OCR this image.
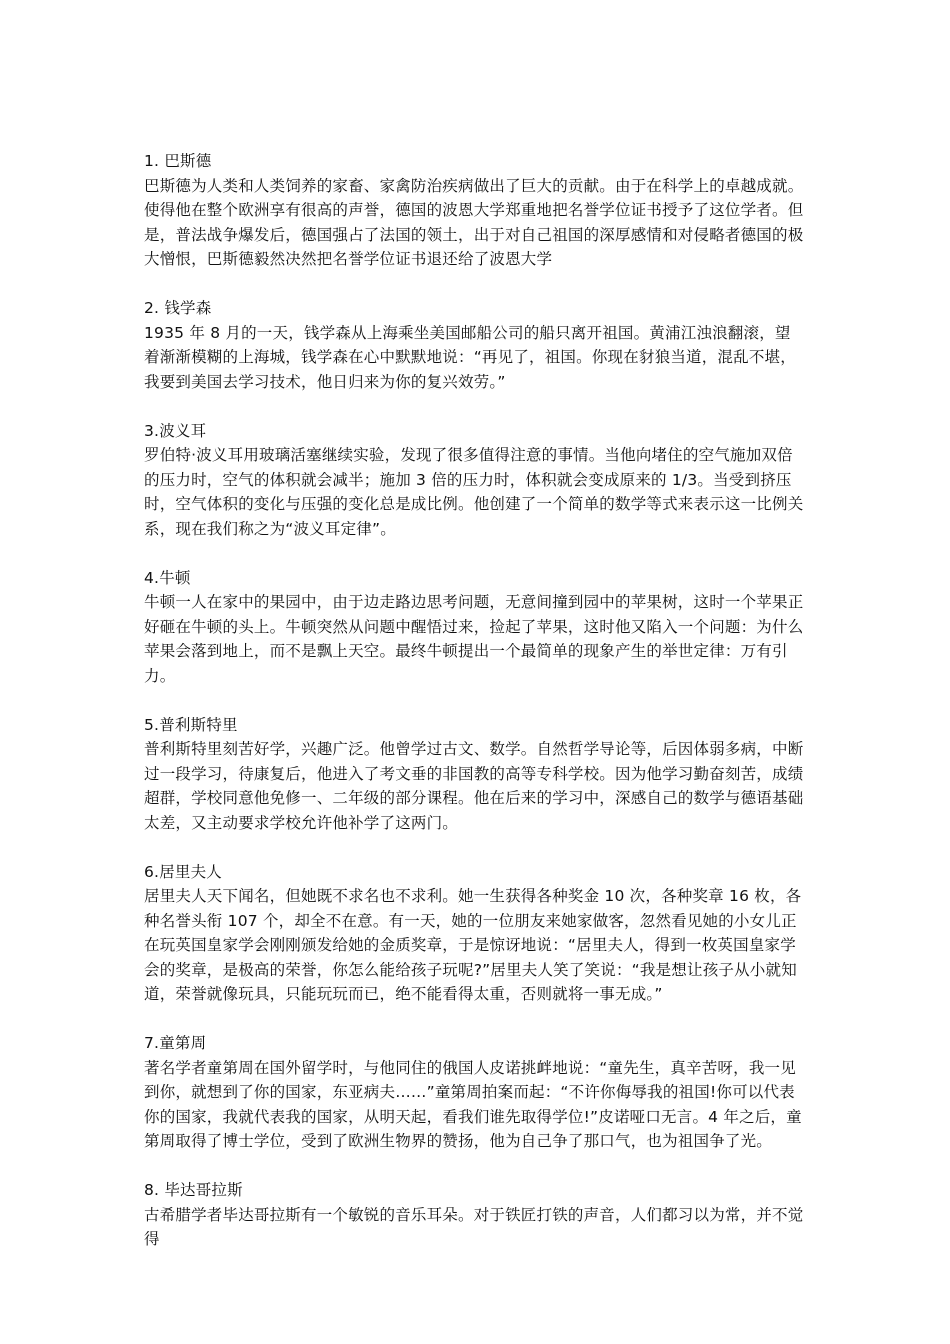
1. 巴斯德

巴斯德为人类和人类饲养的家畜、家禽防治疾病做出了巨大的贡献。由于在科学上的卓越成就。使得他在整个欧洲享有很高的声誉，德国的波恩大学郑重地把名誉学位证书授予了这位学者。但是，普法战争爆发后，德国强占了法国的领土，出于对自己祖国的深厚感情和对侵略者德国的极大憎恨，巴斯德毅然决然把名誉学位证书退还给了波恩大学

2. 钱学森

1935 年 8 月的一天，钱学森从上海乘坐美国邮船公司的船只离开祖国。黄浦江浊浪翻滚，望着渐渐模糊的上海城，钱学森在心中默默地说：“再见了，祖国。你现在豺狼当道，混乱不堪，我要到美国去学习技术，他日归来为你的复兴效劳。”

3.波义耳

罗伯特·波义耳用玻璃活塞继续实验，发现了很多值得注意的事情。当他向堵住的空气施加双倍的压力时，空气的体积就会减半；施加 3 倍的压力时，体积就会变成原来的 1/3。当受到挤压时，空气体积的变化与压强的变化总是成比例。他创建了一个简单的数学等式来表示这一比例关系，现在我们称之为“波义耳定律”。

4.牛顿

牛顿一人在家中的果园中，由于边走路边思考问题，无意间撞到园中的苹果树，这时一个苹果正好砸在牛顿的头上。牛顿突然从问题中醒悟过来，捡起了苹果，这时他又陷入一个问题：为什么苹果会落到地上，而不是飘上天空。最终牛顿提出一个最简单的现象产生的举世定律：万有引力。

5.普利斯特里

普利斯特里刻苦好学，兴趣广泛。他曾学过古文、数学。自然哲学导论等，后因体弱多病，中断过一段学习，待康复后，他进入了考文垂的非国教的高等专科学校。因为他学习勤奋刻苦，成绩超群，学校同意他免修一、二年级的部分课程。他在后来的学习中，深感自己的数学与德语基础太差，又主动要求学校允许他补学了这两门。

6.居里夫人

居里夫人天下闻名，但她既不求名也不求利。她一生获得各种奖金 10 次，各种奖章 16 枚，各种名誉头衔 107 个，却全不在意。有一天，她的一位朋友来她家做客，忽然看见她的小女儿正在玩英国皇家学会刚刚颁发给她的金质奖章，于是惊讶地说：“居里夫人，得到一枚英国皇家学会的奖章，是极高的荣誉，你怎么能给孩子玩呢?”居里夫人笑了笑说：“我是想让孩子从小就知道，荣誉就像玩具，只能玩玩而已，绝不能看得太重，否则就将一事无成。”

7.童第周

著名学者童第周在国外留学时，与他同住的俄国人皮诺挑衅地说：“童先生，真辛苦呀，我一见到你，就想到了你的国家，东亚病夫……”童第周拍案而起：“不许你侮辱我的祖国!你可以代表你的国家，我就代表我的国家，从明天起，看我们谁先取得学位!”皮诺哑口无言。4 年之后，童第周取得了博士学位，受到了欧洲生物界的赞扬，他为自己争了那口气，也为祖国争了光。

8. 毕达哥拉斯

古希腊学者毕达哥拉斯有一个敏锐的音乐耳朵。对于铁匠打铁的声音，人们都习以为常，并不觉得
